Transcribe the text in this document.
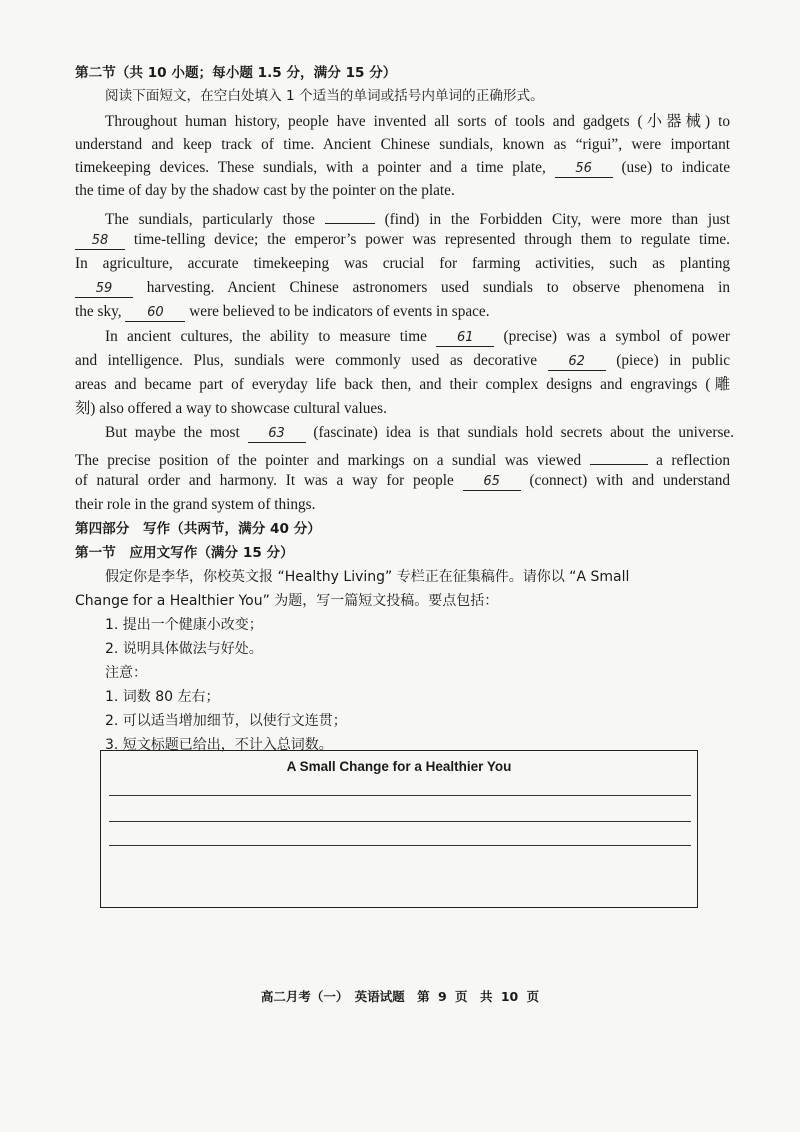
第二节（共 10 小题；每小题 1.5 分，满分 15 分）
阅读下面短文，在空白处填入 1 个适当的单词或括号内单词的正确形式。
Throughout human history, people have invented all sorts of tools and gadgets (小器械) to
understand and keep track of time. Ancient Chinese sundials, known as “rigui”, were important
timekeeping devices. These sundials, with a pointer and a time plate, 56 (use) to indicate
the time of day by the shadow cast by the pointer on the plate.
The sundials, particularly those	(find) in the Forbidden City, were more than just
58 time-telling device; the emperor’s power was represented through them to regulate time.
In agriculture, accurate timekeeping was crucial for farming activities, such as planting
59 harvesting. Ancient Chinese astronomers used sundials to observe phenomena in
the sky, 60 were believed to be indicators of events in space.
In ancient cultures, the ability to measure time 61 (precise) was a symbol of power
and intelligence. Plus, sundials were commonly used as decorative 62 (piece) in public
areas and became part of everyday life back then, and their complex designs and engravings (雕
刻) also offered a way to showcase cultural values.
But maybe the most 63 (fascinate) idea is that sundials hold secrets about the universe.
The precise position of the pointer and markings on a sundial was viewed	a reflection
of natural order and harmony. It was a way for people 65 (connect) with and understand
their role in the grand system of things.
第四部分　写作（共两节，满分 40 分）
第一节　应用文写作（满分 15 分）
假定你是李华，你校英文报 “Healthy Living” 专栏正在征集稿件。请你以 “A Small
Change for a Healthier You” 为题，写一篇短文投稿。要点包括：
1. 提出一个健康小改变；
2. 说明具体做法与好处。
注意：
1. 词数 80 左右；
2. 可以适当增加细节，以使行文连贯；
3. 短文标题已给出，不计入总词数。
A Small Change for a Healthier You
高二月考（一）　英语试题　第 9 页　共 10 页
